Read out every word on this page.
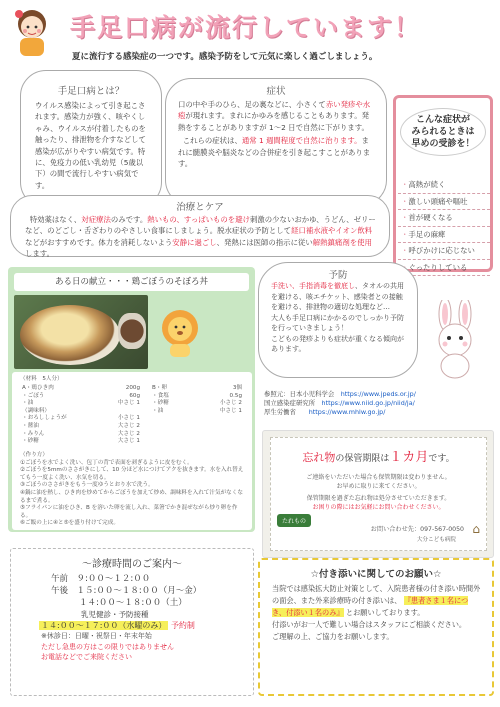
手足口病が流行しています！
夏に流行する感染症の一つです。感染予防をして元気に楽しく過ごしましょう。
手足口病とは？
ウイルス感染によって引き起こされます。感染力が強く、咳やくしゃみ、ウイルスが付着したものを触ったり、排泄物を介すなどして感染が広がりやすい病気です。特に、免疫力の低い乳幼児（5歳以下）の間で流行しやすい病気です。
症状
口の中や手のひら、足の裏などに、小さくて赤い発疹や水疱が現れます。まれにかゆみを感じることもあります。発熱をすることがありますが 1〜2 日で自然に下がります。
これらの症状は、通常 1 週間程度で自然に治ります。まれに髄膜炎や脳炎などの合併症を引き起こすことがあります。
こんな症状が
みられるときは
早めの受診を！
・ 高熱が続く
・ 激しい頭痛や嘔吐
・ 首が硬くなる
・ 手足の麻痺
・ 呼びかけに応じない
・ ぐったりしている
治療とケア
特効薬はなく、対症療法のみです。熱いもの、すっぱいものを避け刺激の少ないおかゆ、うどん、ゼリーなど、のどごし・舌ざわりのやさしい食事にしましょう。脱水症状の予防として経口補水液やイオン飲料などがおすすめです。体力を消耗しないよう安静に過ごし、発熱には医師の指示に従い解熱鎮痛剤を使用します。
ある日の献立・・・鶏ごぼうのそぼろ丼
（材料　5人分）
A・鶏ひき肉	200g
・ごぼう	60g
・油	中さじ 1
（調味料）
・おろししょうが	小さじ 1
・醤油	大さじ 2
・みりん	大さじ 2
・砂糖	大さじ 1
B・卵	3個
・食塩	0.5g
・砂糖	小さじ 2
・油	中さじ 1
（作り方）
①ごぼうを水でよく洗い、包丁の背で表面を剥ぎるように皮をむく。
②ごぼうを5mmのささがきにして、10 分ほど水につけてアクを抜きます。水を入れ替えてもう一度よく洗い、水気を切る。
③ごぼうのささがきをもう一度ゆうとおり水で洗う。
④鍋に油を熱し、ひき肉を炒めてからごぼうを加えて炒め、調味料を入れて汁気がなくなるまで煮る。
⑤フライパンに油をひき、B を溶いた卵を流し入れ、菜箸でかき混ぜながら炒り卵を作る。
⑥ご飯の上に④と⑤を盛り付けて完成。
予防
手洗い、手指消毒を徹底し、タオルの共用を避ける、咳エチケット、感染者との接触を避ける、排泄物の適切な処理など…
大人も手足口病にかかるのでしっかり予防を行っていきましょう！
こどもの発疹よりも症状が重くなる傾向があります。
参照元：日本小児科学会　 https://www.jpeds.or.jp/
国立感染症研究所　 https://www.niid.go.jp/niid/ja/
厚生労働省　　 https://www.mhlw.go.jp/
忘れ物の保管期限は１カ月です。
ご連絡をいただいた場合も保管期限は変わりません。
お早めに取りに来てください。
保管期限を過ぎた忘れ物は処分させていただきます。
お困りの際にはお気軽にお問い合わせください。
たれもの
お問い合わせ先：097-567-0050
大分こども病院
⌂
〜診療時間のご案内〜
午前　 ９:００〜１２:００
午後　 １５:００〜１８:００（月〜金）
１４:００〜１８:００（土）
乳児健診・予防接種
１４:００〜１７:００（水曜のみ） 予約制
※休診日：日曜・祝祭日・年末年始
ただし急患の方はこの限りではありません
お電話などでご来院ください
☆付き添いに関してのお願い☆
当院では感染拡大防止対策として、入院患者様の付き添い時間外の面会、また外来診療時の付き添いは、 『患者さま１名につき、付添い１名のみ』 とお願いしております。
付添いがお一人で難しい場合はスタッフにご相談ください。
ご理解の上、ご協力をお願いします。
